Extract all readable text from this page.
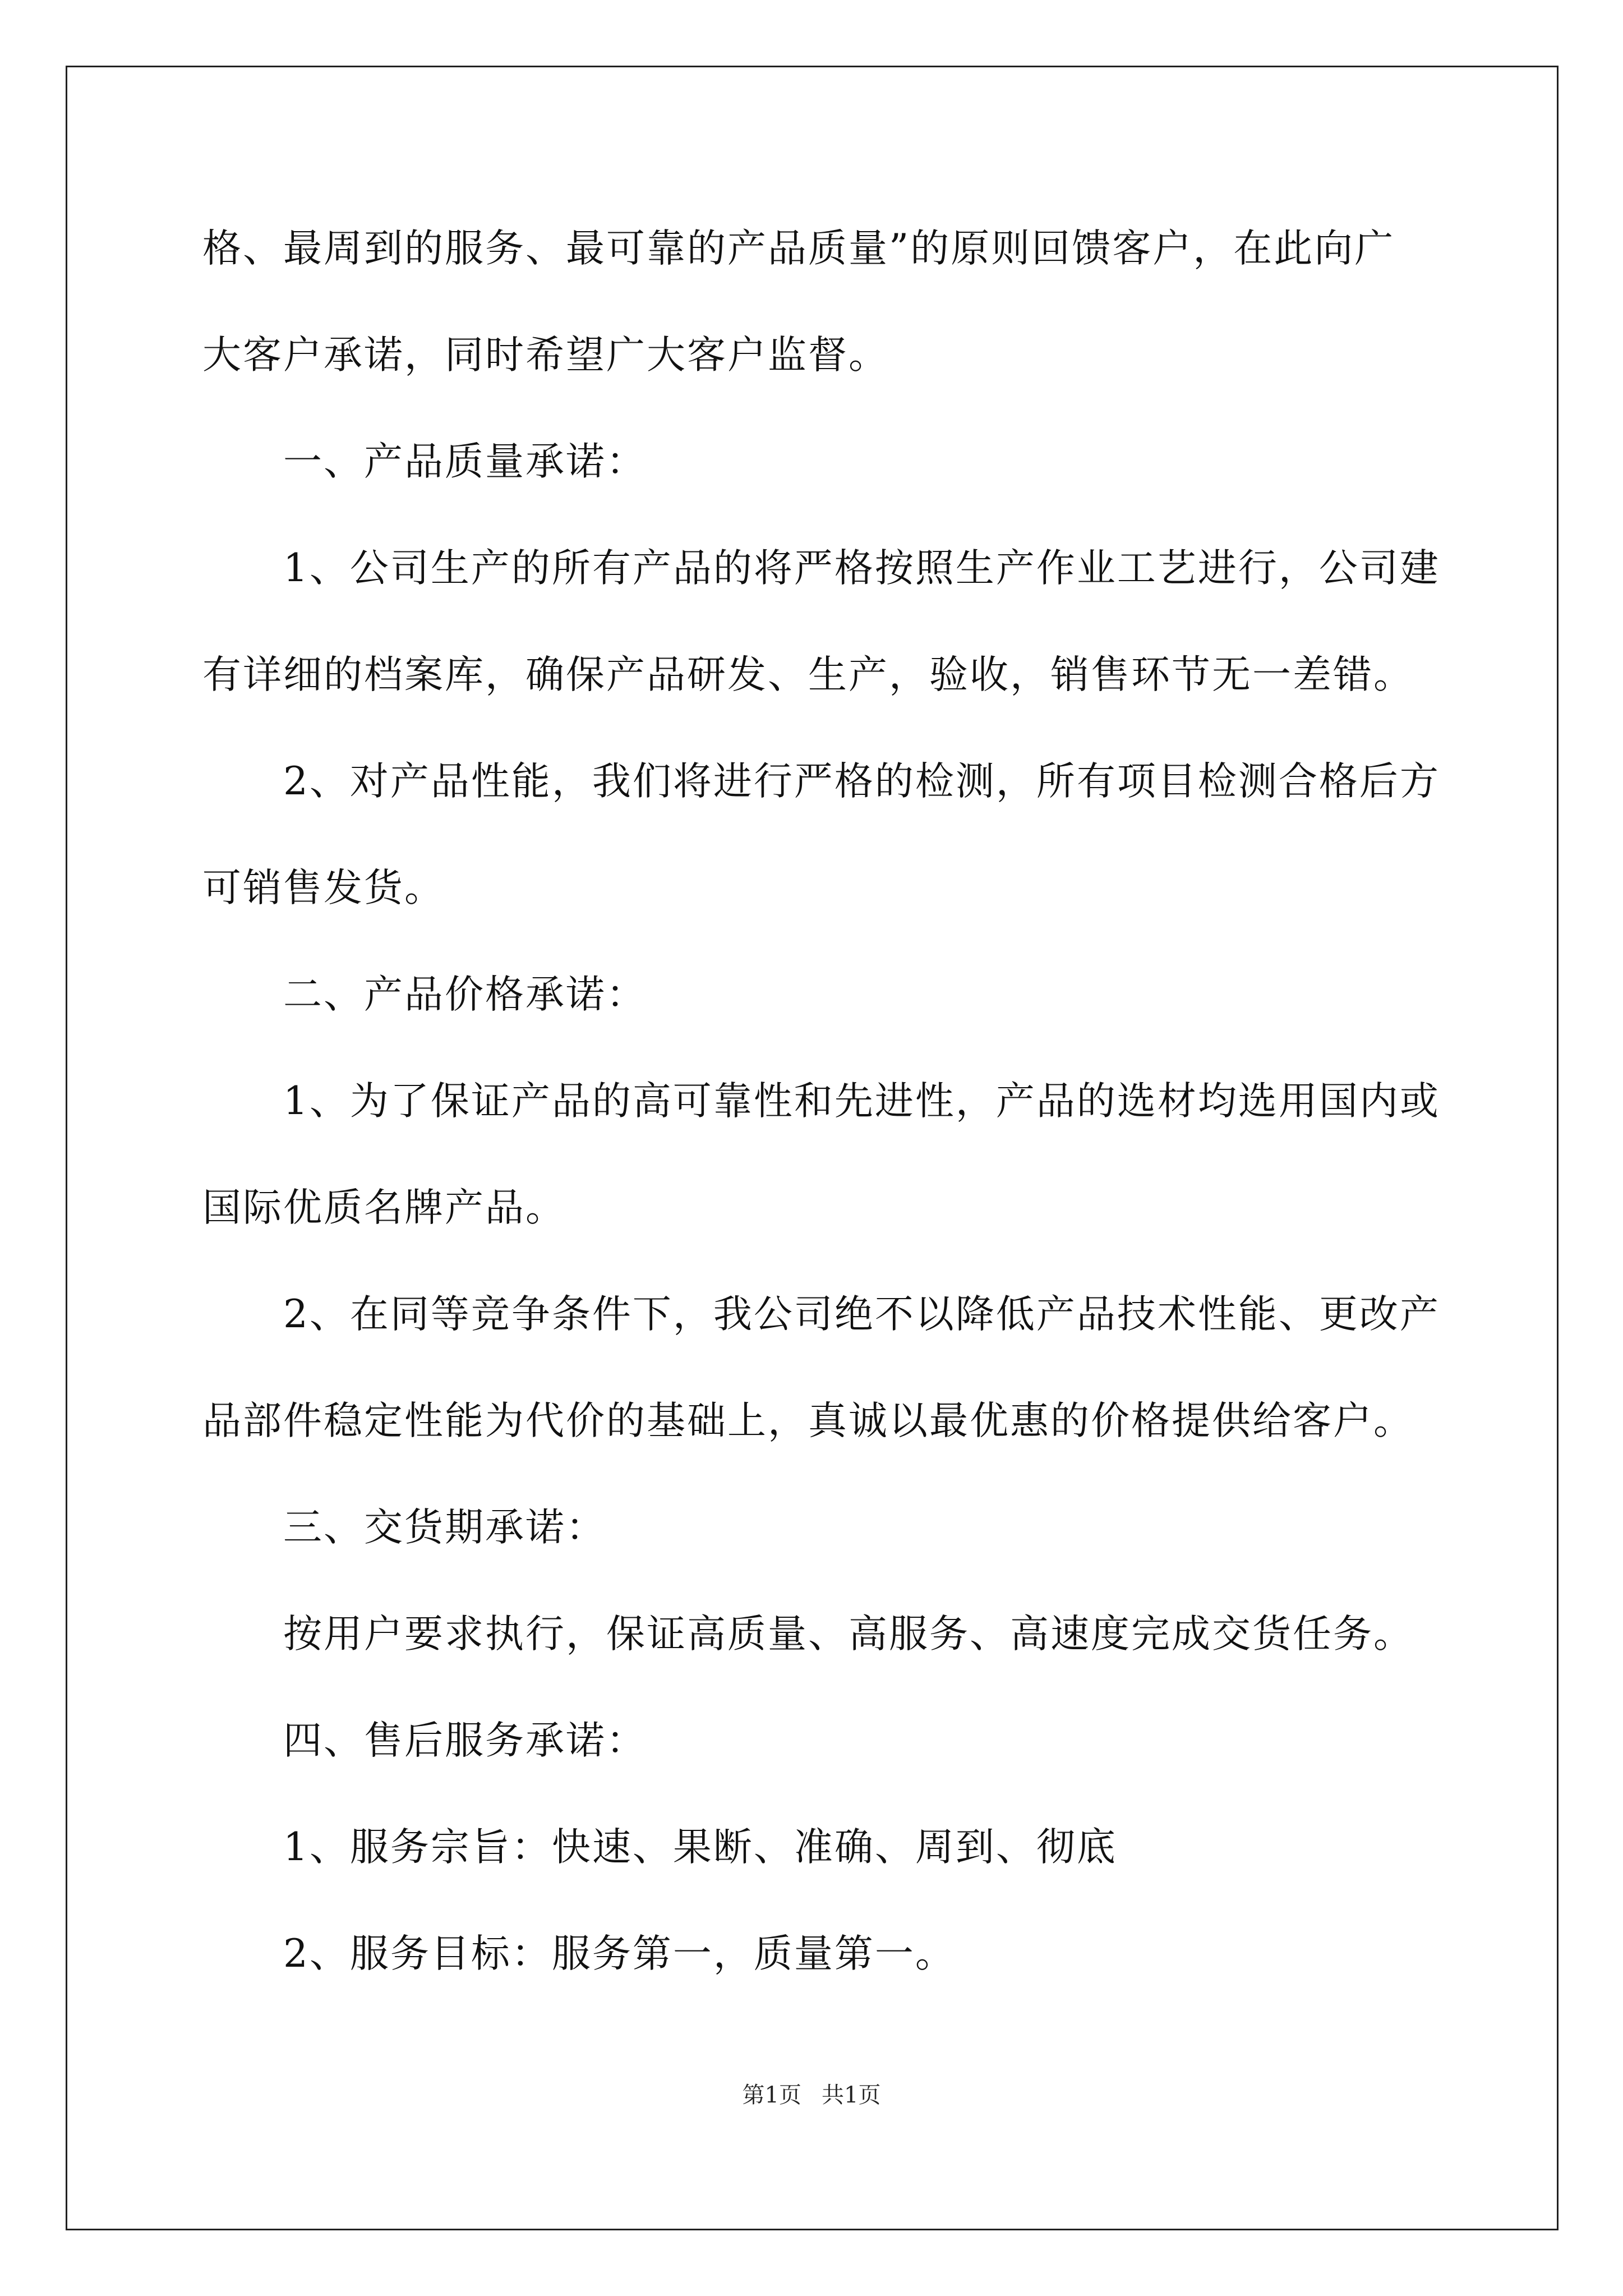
格、最周到的服务、最可靠的产品质量”的原则回馈客户，在此向广

大客户承诺，同时希望广大客户监督。

一、产品质量承诺：

1、公司生产的所有产品的将严格按照生产作业工艺进行，公司建

有详细的档案库，确保产品研发、生产，验收，销售环节无一差错。

2、对产品性能，我们将进行严格的检测，所有项目检测合格后方

可销售发货。

二、产品价格承诺：

1、为了保证产品的高可靠性和先进性，产品的选材均选用国内或

国际优质名牌产品。

2、在同等竞争条件下，我公司绝不以降低产品技术性能、更改产

品部件稳定性能为代价的基础上，真诚以最优惠的价格提供给客户。

三、交货期承诺：

按用户要求执行，保证高质量、高服务、高速度完成交货任务。

四、售后服务承诺：

1、服务宗旨：快速、果断、准确、周到、彻底

2、服务目标：服务第一，质量第一。

第1页 共1页
